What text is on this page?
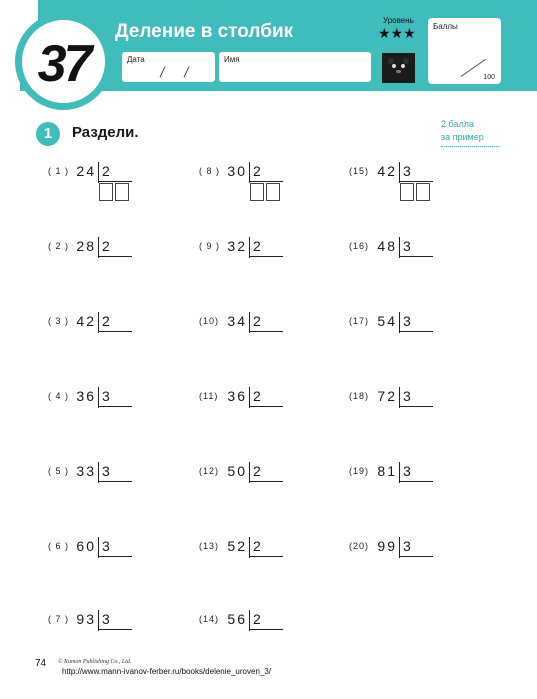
37
Деление в столбик
Дата	Имя
Уровень
★★★ Баллы
100
1	Раздели.	2 балла
за пример
( 1 ) 24 2
( 2 ) 28 2
( 3 ) 42 2
( 4 ) 36 3
( 5 ) 33 3
( 6 ) 60 3
( 7 ) 93 3
( 8 ) 30 2
( 9 ) 32 2
(10) 34 2
(11) 36 2
(12) 50 2
(13) 52 2
(14) 56 2
(15) 42 3
(16) 48 3
(17) 54 3
(18) 72 3
(19) 81 3
(20) 99 3
74 © Kumon Publishing Co., Ltd.
http://www.mann-ivanov-ferber.ru/books/delenie_uroven_3/
